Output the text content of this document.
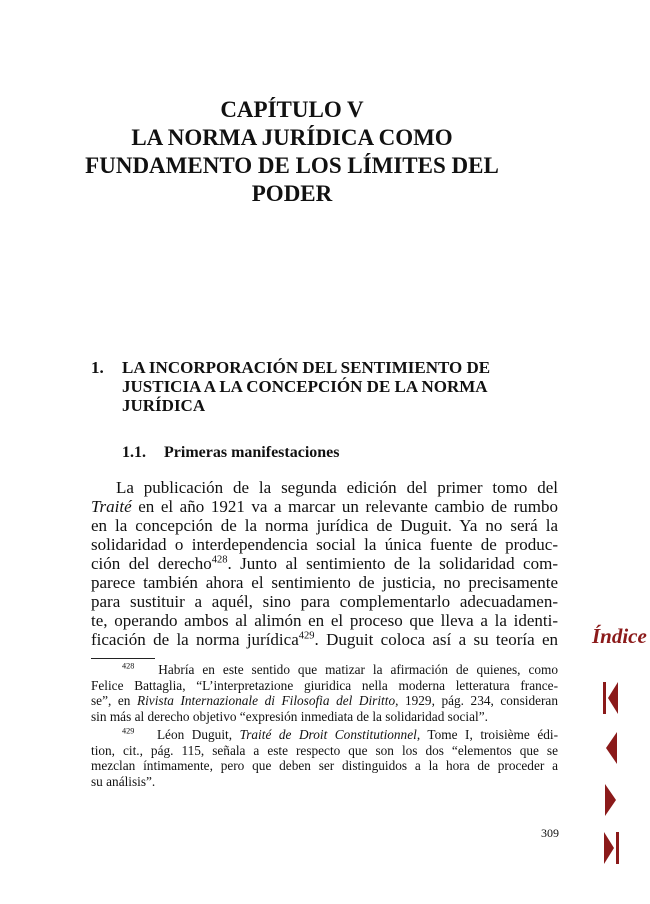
CAPÍTULO V
LA NORMA JURÍDICA COMO
FUNDAMENTO DE LOS LÍMITES DEL
PODER
1. LA INCORPORACIÓN DEL SENTIMIENTO DE
JUSTICIA A LA CONCEPCIÓN DE LA NORMA
JURÍDICA
1.1. Primeras manifestaciones
La publicación de la segunda edición del primer tomo del
Traité en el año 1921 va a marcar un relevante cambio de rumbo
en la concepción de la norma jurídica de Duguit. Ya no será la
solidaridad o interdependencia social la única fuente de produc-
ción del derecho$^{428}$. Junto al sentimiento de la solidaridad com-
parece también ahora el sentimiento de justicia, no precisamente
para sustituir a aquél, sino para complementarlo adecuadamen-
te, operando ambos al alimón en el proceso que lleva a la identi-
ficación de la norma jurídica$^{429}$. Duguit coloca así a su teoría en
$^{428}$ Habría en este sentido que matizar la afirmación de quienes, como
Felice Battaglia, “L’interpretazione giuridica nella moderna letteratura france-
se”, en Rivista Internazionale di Filosofia del Diritto, 1929, pág. 234, consideran
sin más al derecho objetivo “expresión inmediata de la solidaridad social”.
$^{429}$ Léon Duguit, Traité de Droit Constitutionnel, Tome I, troisième édi-
tion, cit., pág. 115, señala a este respecto que son los dos “elementos que se
mezclan íntimamente, pero que deben ser distinguidos a la hora de proceder a
su análisis”.
309
Índice
